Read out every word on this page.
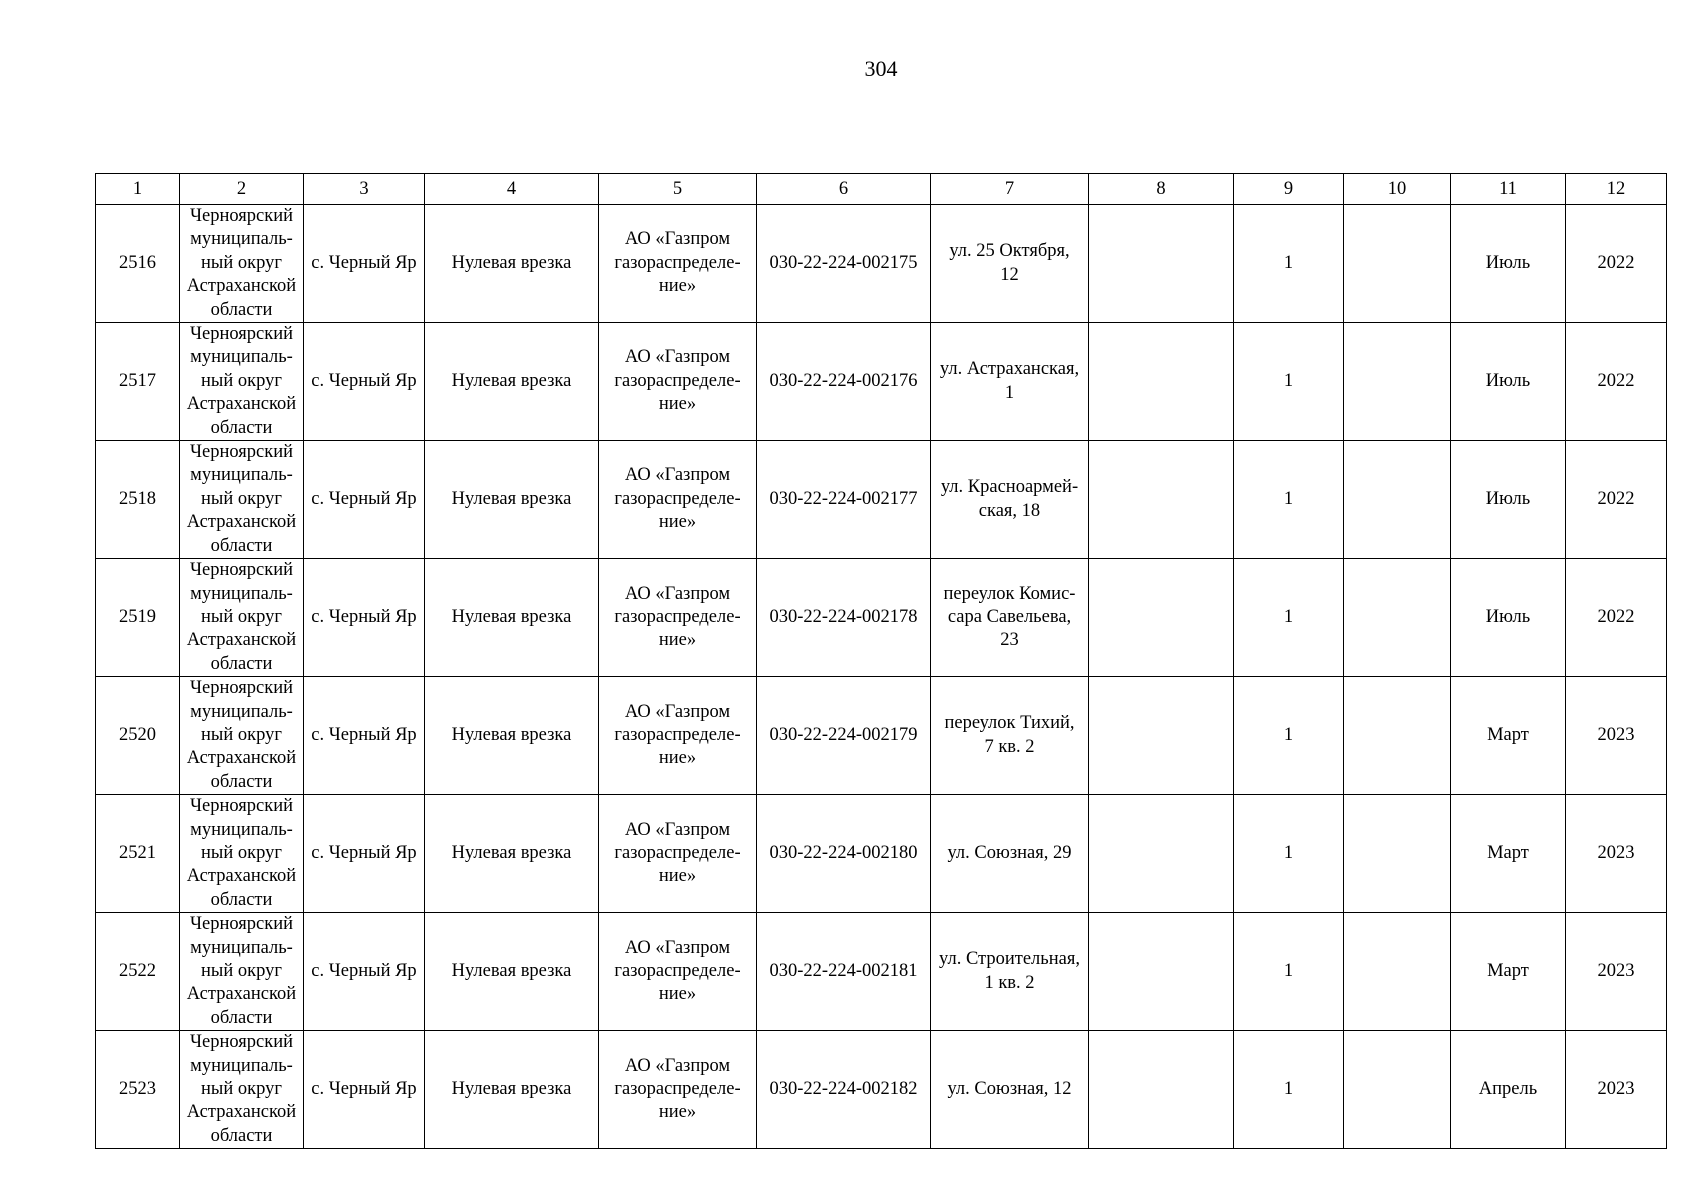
304
1	2	3	4	5	6	7	8	9	10	11	12

2516	Черноярский
муниципаль-
ный округ
Астраханской
области	с. Черный Яр	Нулевая врезка	АО «Газпром
газораспределе-
ние»	030-22-224-002175	ул. 25 Октября,
12		1		Июль	2022

2517	Черноярский
муниципаль-
ный округ
Астраханской
области	с. Черный Яр	Нулевая врезка	АО «Газпром
газораспределе-
ние»	030-22-224-002176	ул. Астраханская,
1		1		Июль	2022

2518	Черноярский
муниципаль-
ный округ
Астраханской
области	с. Черный Яр	Нулевая врезка	АО «Газпром
газораспределе-
ние»	030-22-224-002177	ул. Красноармей-
ская, 18		1		Июль	2022

2519	Черноярский
муниципаль-
ный округ
Астраханской
области	с. Черный Яр	Нулевая врезка	АО «Газпром
газораспределе-
ние»	030-22-224-002178	переулок Комис-
сара Савельева,
23		1		Июль	2022

2520	Черноярский
муниципаль-
ный округ
Астраханской
области	с. Черный Яр	Нулевая врезка	АО «Газпром
газораспределе-
ние»	030-22-224-002179	переулок Тихий,
7 кв. 2		1		Март	2023

2521	Черноярский
муниципаль-
ный округ
Астраханской
области	с. Черный Яр	Нулевая врезка	АО «Газпром
газораспределе-
ние»	030-22-224-002180	ул. Союзная, 29		1		Март	2023

2522	Черноярский
муниципаль-
ный округ
Астраханской
области	с. Черный Яр	Нулевая врезка	АО «Газпром
газораспределе-
ние»	030-22-224-002181	ул. Строительная,
1 кв. 2		1		Март	2023

2523	Черноярский
муниципаль-
ный округ
Астраханской
области	с. Черный Яр	Нулевая врезка	АО «Газпром
газораспределе-
ние»	030-22-224-002182	ул. Союзная, 12		1		Апрель	2023
